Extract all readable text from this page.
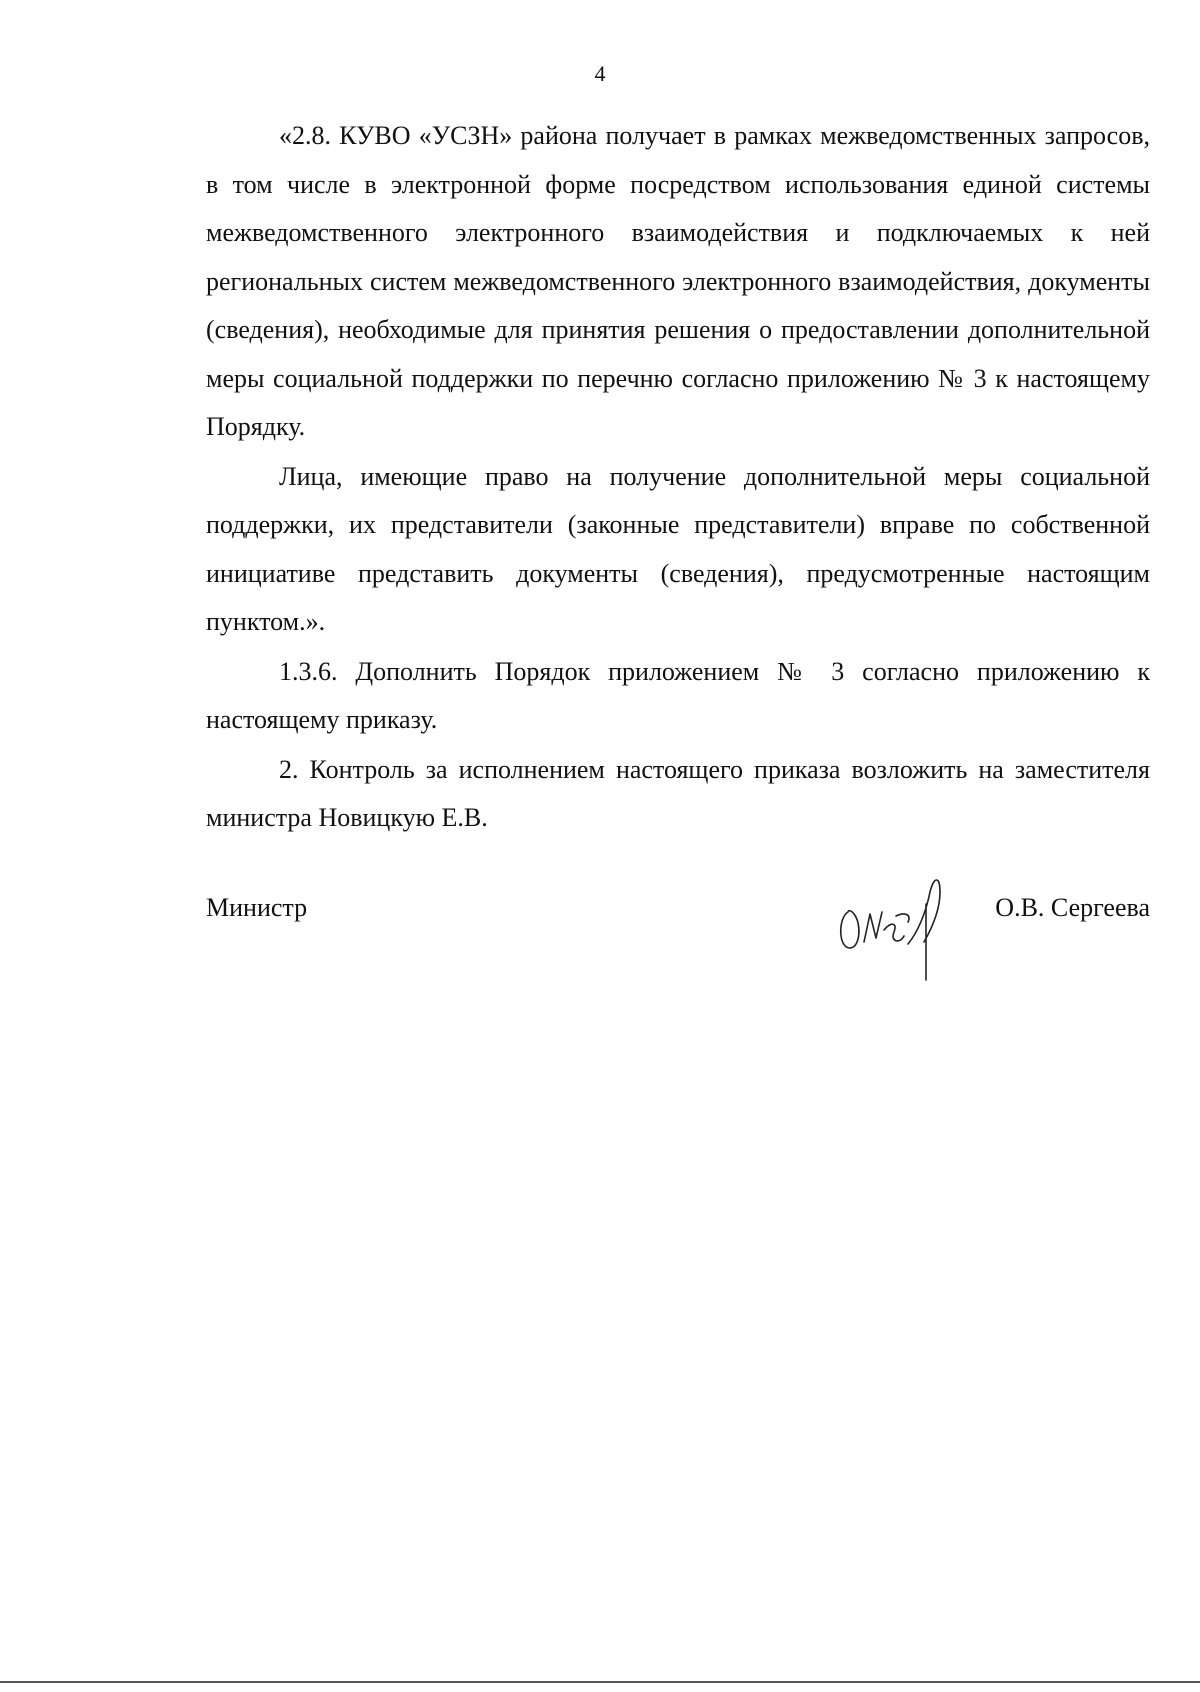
4

«2.8. КУВО «УСЗН» района получает в рамках межведомственных запросов, в том числе в электронной форме посредством использования единой системы межведомственного электронного взаимодействия и подключаемых к ней региональных систем межведомственного электронного взаимодействия, документы (сведения), необходимые для принятия решения о предоставлении дополнительной меры социальной поддержки по перечню согласно приложению № 3 к настоящему Порядку.

Лица, имеющие право на получение дополнительной меры социальной поддержки, их представители (законные представители) вправе по собственной инициативе представить документы (сведения), предусмотренные настоящим пунктом.».

1.3.6. Дополнить Порядок приложением № 3 согласно приложению к настоящему приказу.

2. Контроль за исполнением настоящего приказа возложить на заместителя министра Новицкую Е.В.

Министр	О.В. Сергеева
